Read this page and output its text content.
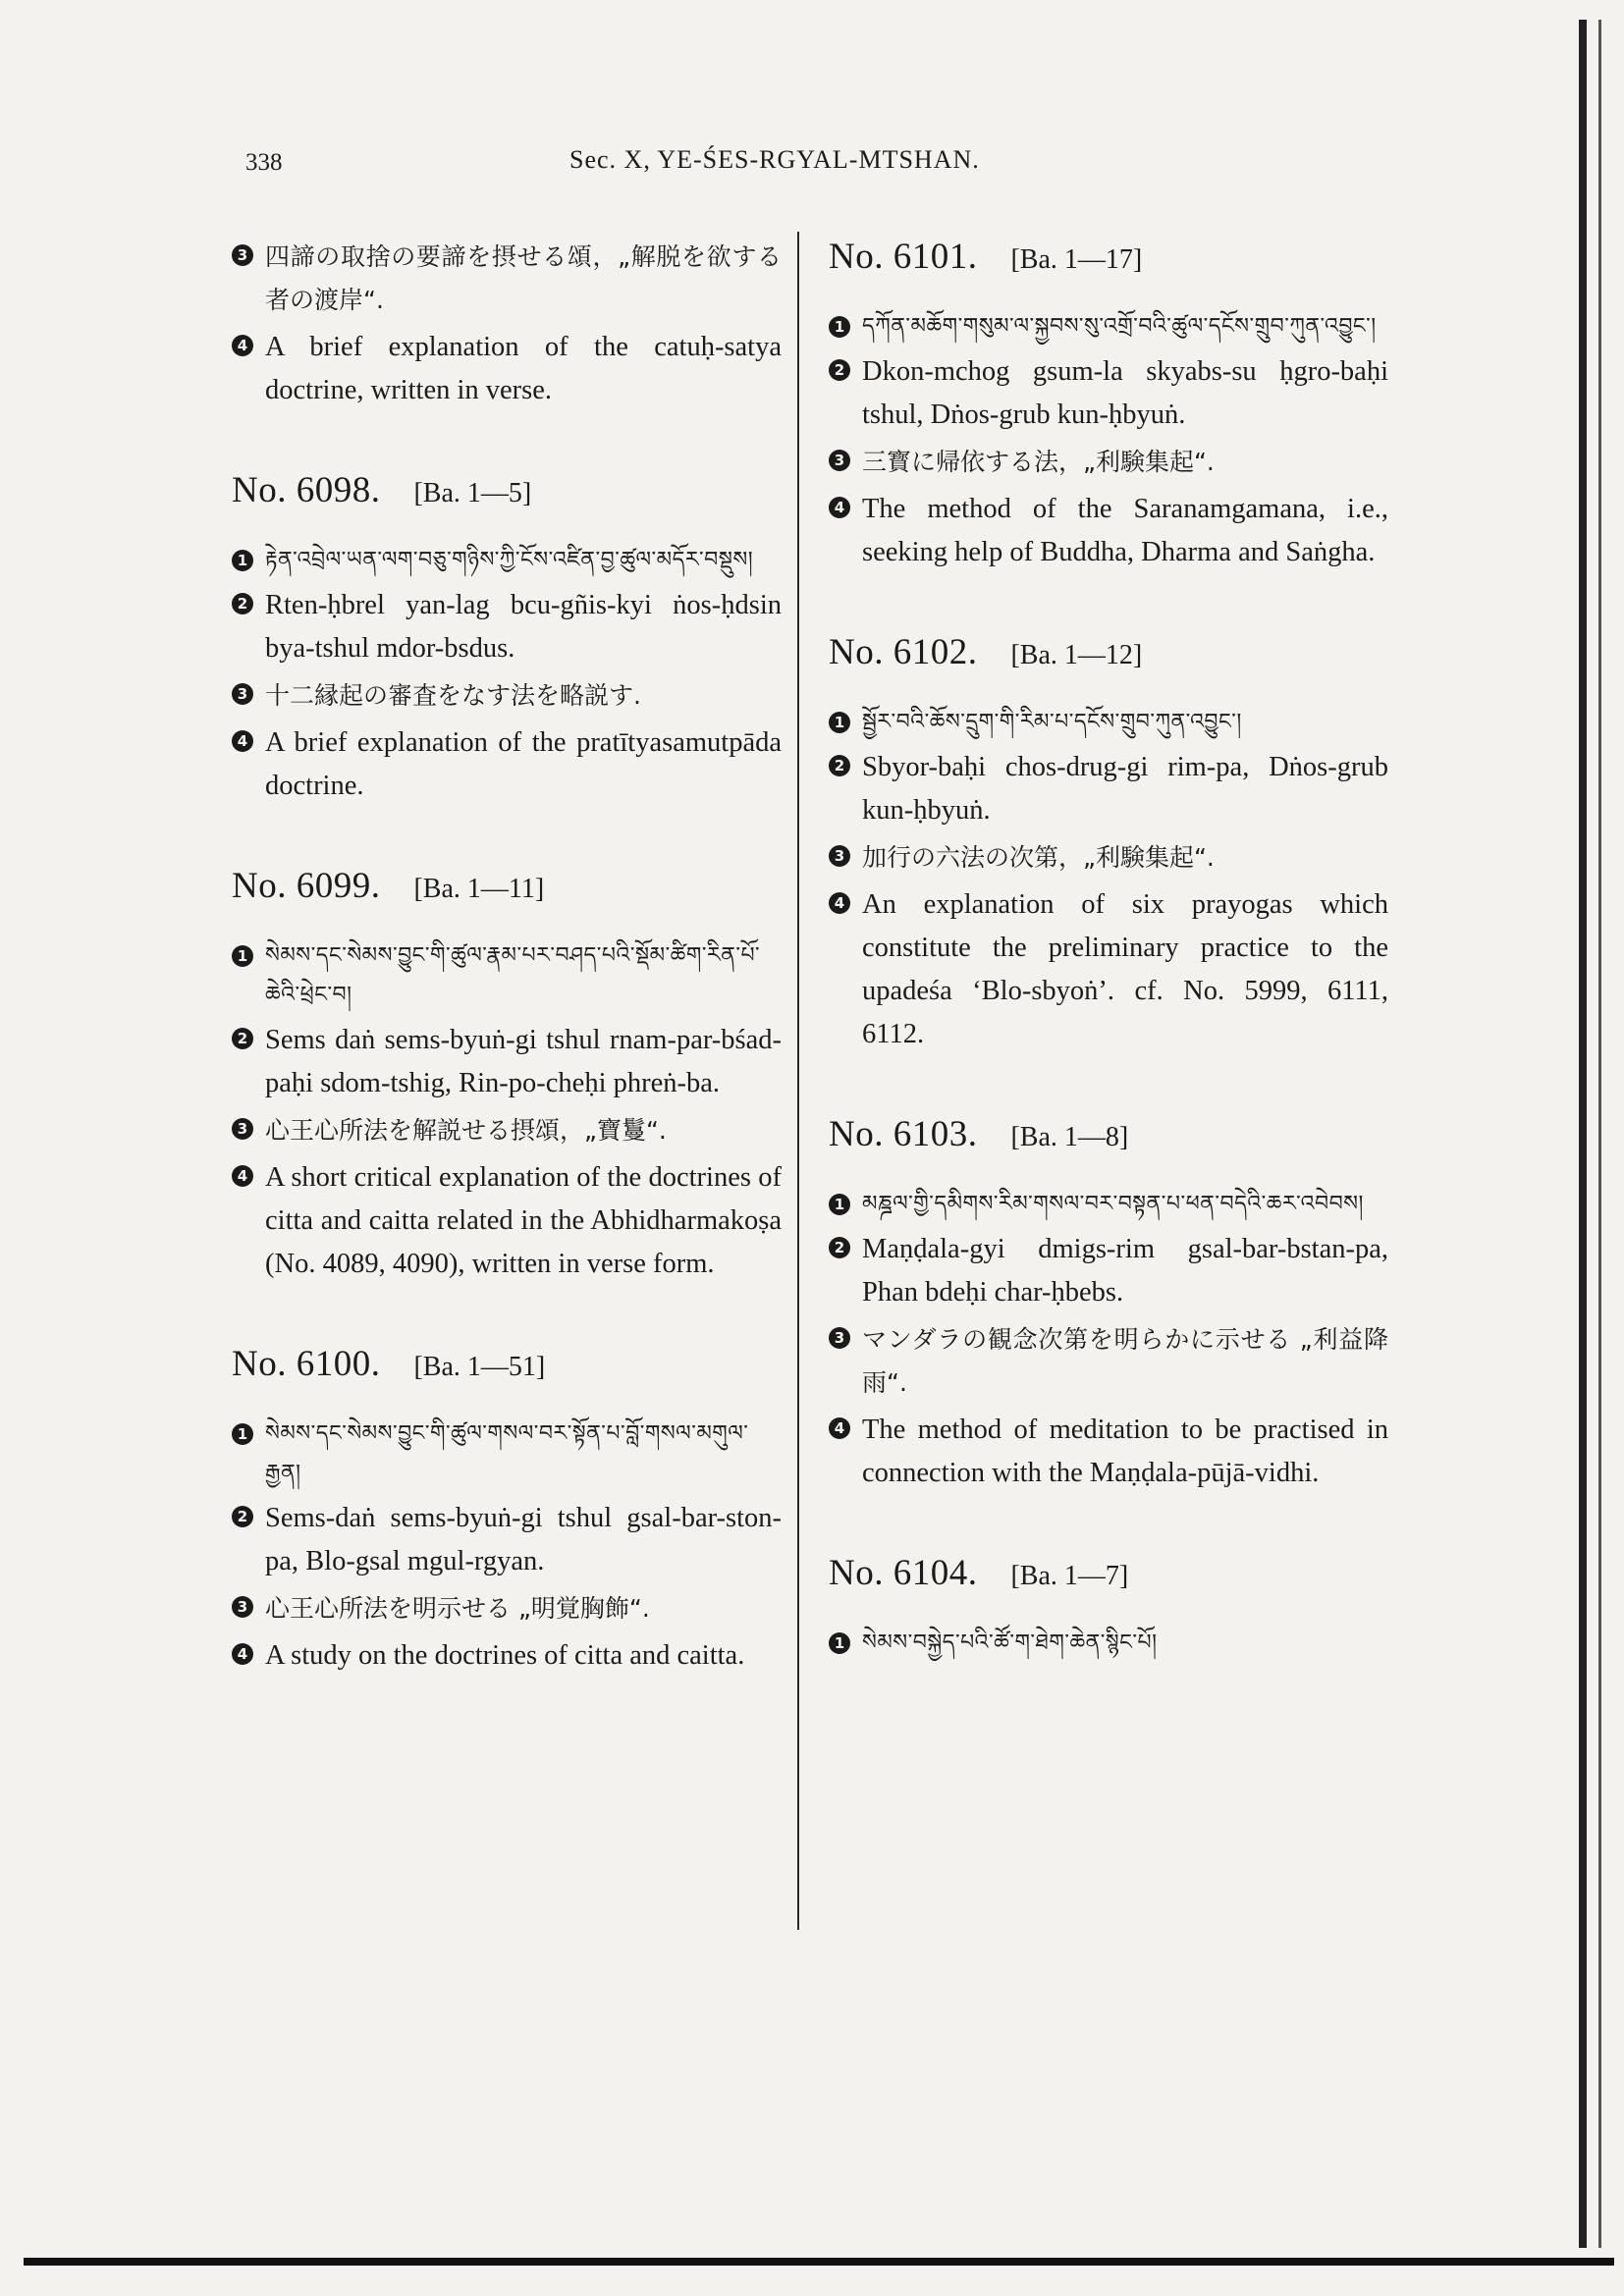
338	Sec. X, YE-ŚES-RGYAL-MTSHAN.
3 四諦の取捨の要諦を摂せる頌，„解脱を欲する者の渡岸“.
4 A brief explanation of the catuḥ-satya doctrine, written in verse.
No. 6098. [Ba. 1—5]
1 རྟེན་འབྲེལ་ཡན་ལག་བཅུ་གཉིས་ཀྱི་ངོས་འཛིན་བྱ་ཚུལ་མདོར་བསྡུས།
2 Rten-ḥbrel yan-lag bcu-gñis-kyi ṅos-ḥdsin bya-tshul mdor-bsdus.
3 十二縁起の審査をなす法を略説す.
4 A brief explanation of the pratītyasamutpāda doctrine.
No. 6099. [Ba. 1—11]
1 སེམས་དང་སེམས་བྱུང་གི་ཚུལ་རྣམ་པར་བཤད་པའི་སྡོམ་ཚིག་རིན་པོ་ཆེའི་ཕྲེང་བ།
2 Sems daṅ sems-byuṅ-gi tshul rnam-par-bśad-paḥi sdom-tshig, Rin-po-cheḥi phreṅ-ba.
3 心王心所法を解説せる摂頌，„寶鬘“.
4 A short critical explanation of the doctrines of citta and caitta related in the Abhidharmakoṣa (No. 4089, 4090), written in verse form.
No. 6100. [Ba. 1—51]
1 སེམས་དང་སེམས་བྱུང་གི་ཚུལ་གསལ་བར་སྟོན་པ་བློ་གསལ་མགུལ་རྒྱན།
2 Sems-daṅ sems-byuṅ-gi tshul gsal-bar-ston-pa, Blo-gsal mgul-rgyan.
3 心王心所法を明示せる „明覚胸飾“.
4 A study on the doctrines of citta and caitta.
No. 6101. [Ba. 1—17]
1 དཀོན་མཆོག་གསུམ་ལ་སྐྱབས་སུ་འགྲོ་བའི་ཚུལ་དངོས་གྲུབ་ཀུན་འབྱུང་།
2 Dkon-mchog gsum-la skyabs-su ḥgro-baḥi tshul, Dṅos-grub kun-ḥbyuṅ.
3 三寳に帰依する法，„利験集起“.
4 The method of the Saranamgamana, i.e., seeking help of Buddha, Dharma and Saṅgha.
No. 6102. [Ba. 1—12]
1 སྦྱོར་བའི་ཆོས་དྲུག་གི་རིམ་པ་དངོས་གྲུབ་ཀུན་འབྱུང་།
2 Sbyor-baḥi chos-drug-gi rim-pa, Dṅos-grub kun-ḥbyuṅ.
3 加行の六法の次第，„利験集起“.
4 An explanation of six prayogas which constitute the preliminary practice to the upadeśa ‘Blo-sbyoṅ’. cf. No. 5999, 6111, 6112.
No. 6103. [Ba. 1—8]
1 མཎྜལ་གྱི་དམིགས་རིམ་གསལ་བར་བསྟན་པ་ཕན་བདེའི་ཆར་འབེབས།
2 Maṇḍala-gyi dmigs-rim gsal-bar-bstan-pa, Phan bdeḥi char-ḥbebs.
3 マンダラの観念次第を明らかに示せる „利益降雨“.
4 The method of meditation to be practised in connection with the Maṇḍala-pūjā-vidhi.
No. 6104. [Ba. 1—7]
1 སེམས་བསྐྱེད་པའི་ཚོ་ག་ཐེག་ཆེན་སྙིང་པོ།
